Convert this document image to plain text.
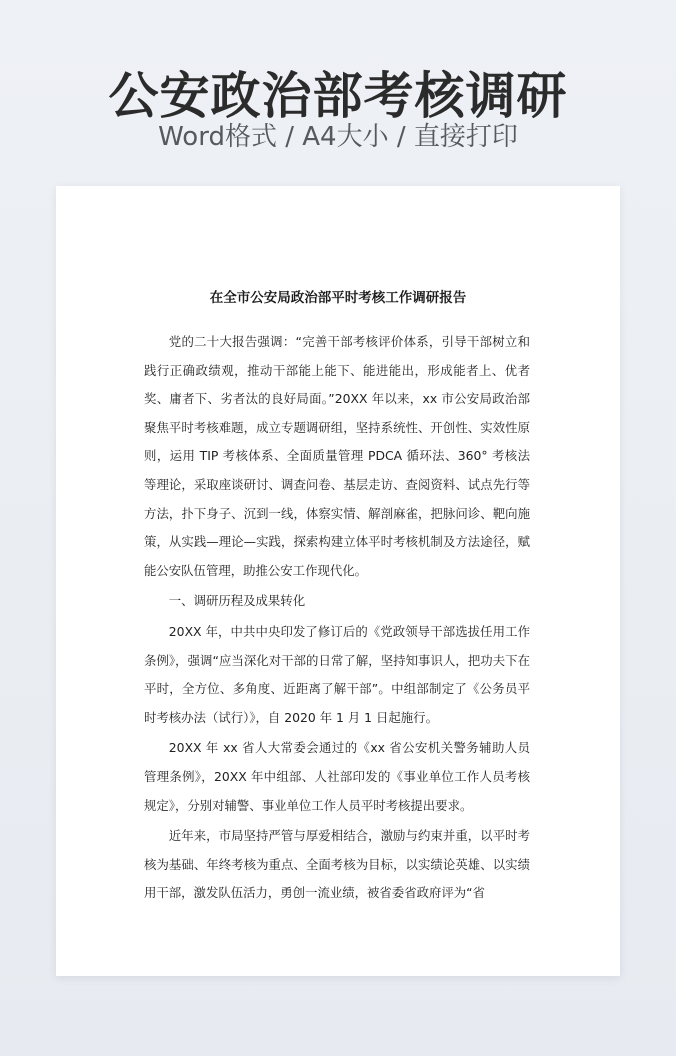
公安政治部考核调研
Word格式 / A4大小 / 直接打印
在全市公安局政治部平时考核工作调研报告

党的二十大报告强调：“完善干部考核评价体系，引导干部树立和践行正确政绩观，推动干部能上能下、能进能出，形成能者上、优者奖、庸者下、劣者汰的良好局面。”20XX 年以来，xx 市公安局政治部聚焦平时考核难题，成立专题调研组，坚持系统性、开创性、实效性原则，运用 TIP 考核体系、全面质量管理 PDCA 循环法、360° 考核法等理论，采取座谈研讨、调查问卷、基层走访、查阅资料、试点先行等方法，扑下身子、沉到一线，体察实情、解剖麻雀，把脉问诊、靶向施策，从实践—理论—实践，探索构建立体平时考核机制及方法途径，赋能公安队伍管理，助推公安工作现代化。

一、调研历程及成果转化

20XX 年，中共中央印发了修订后的《党政领导干部选拔任用工作条例》，强调“应当深化对干部的日常了解，坚持知事识人，把功夫下在平时，全方位、多角度、近距离了解干部”。中组部制定了《公务员平时考核办法（试行）》，自 2020 年 1 月 1 日起施行。

20XX 年 xx 省人大常委会通过的《xx 省公安机关警务辅助人员管理条例》，20XX 年中组部、人社部印发的《事业单位工作人员考核规定》，分别对辅警、事业单位工作人员平时考核提出要求。

近年来，市局坚持严管与厚爱相结合，激励与约束并重，以平时考核为基础、年终考核为重点、全面考核为目标，以实绩论英雄、以实绩用干部，激发队伍活力，勇创一流业绩，被省委省政府评为“省
